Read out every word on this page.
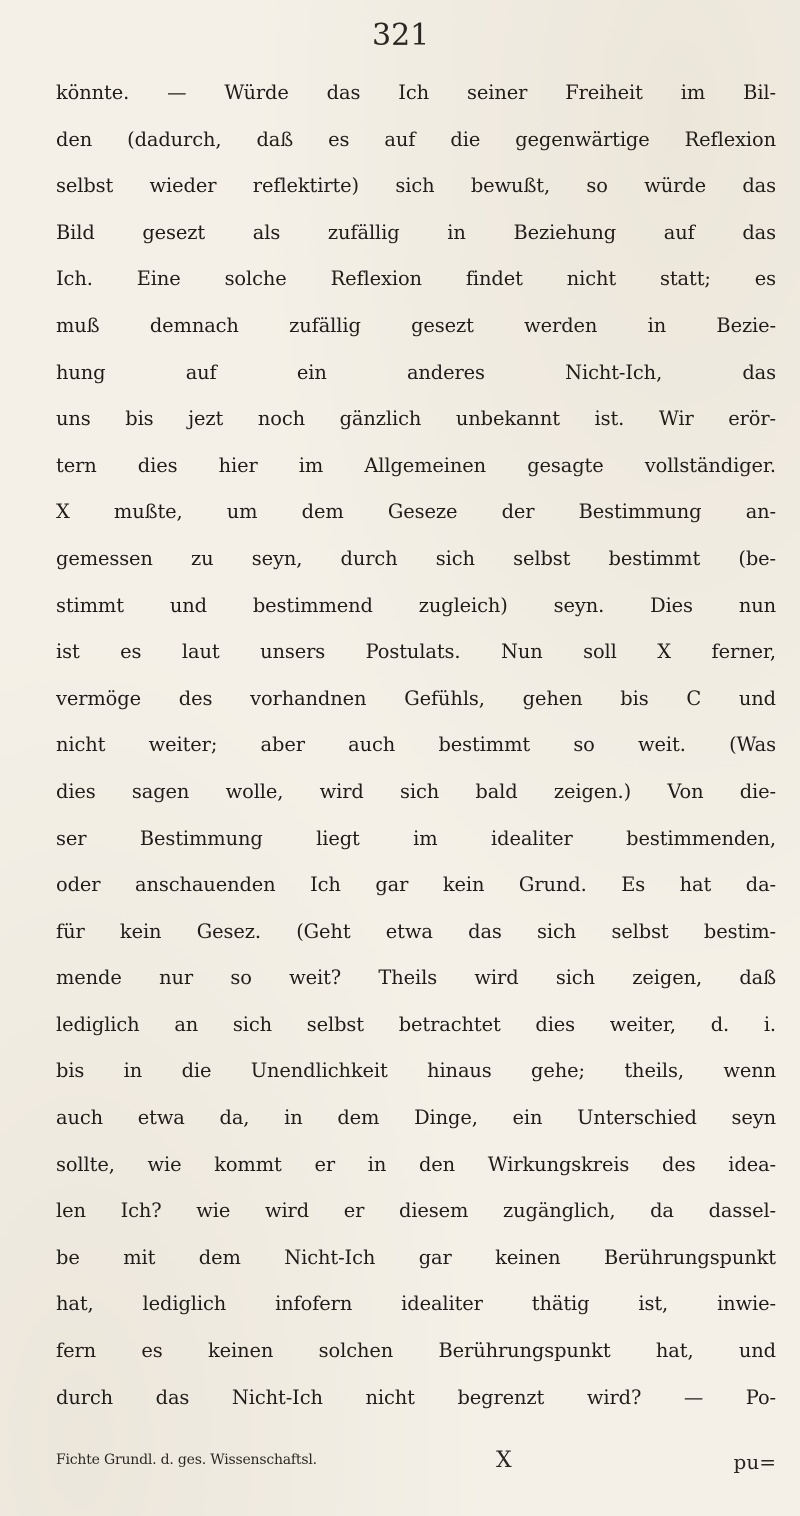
321
könnte. — Würde das Ich seiner Freiheit im Bil-
den (dadurch, daß es auf die gegenwärtige Reflexion
selbst wieder reflektirte) sich bewußt, so würde das
Bild gesezt als zufällig in Beziehung auf das
Ich. Eine solche Reflexion findet nicht statt; es
muß demnach zufällig gesezt werden in Bezie-
hung auf ein anderes Nicht-Ich, das
uns bis jezt noch gänzlich unbekannt ist. Wir erör-
tern dies hier im Allgemeinen gesagte vollständiger.
X mußte, um dem Geseze der Bestimmung an-
gemessen zu seyn, durch sich selbst bestimmt (be-
stimmt und bestimmend zugleich) seyn. Dies nun
ist es laut unsers Postulats. Nun soll X ferner,
vermöge des vorhandnen Gefühls, gehen bis C und
nicht weiter; aber auch bestimmt so weit. (Was
dies sagen wolle, wird sich bald zeigen.) Von die-
ser Bestimmung liegt im idealiter bestimmenden,
oder anschauenden Ich gar kein Grund. Es hat da-
für kein Gesez. (Geht etwa das sich selbst bestim-
mende nur so weit? Theils wird sich zeigen, daß
lediglich an sich selbst betrachtet dies weiter, d. i.
bis in die Unendlichkeit hinaus gehe; theils, wenn
auch etwa da, in dem Dinge, ein Unterschied seyn
sollte, wie kommt er in den Wirkungskreis des idea-
len Ich? wie wird er diesem zugänglich, da dassel-
be mit dem Nicht-Ich gar keinen Berührungspunkt
hat, lediglich infofern idealiter thätig ist, inwie-
fern es keinen solchen Berührungspunkt hat, und
durch das Nicht-Ich nicht begrenzt wird? — Po-
Fichte Grundl. d. ges. Wissenschaftsl.	X	pu=
